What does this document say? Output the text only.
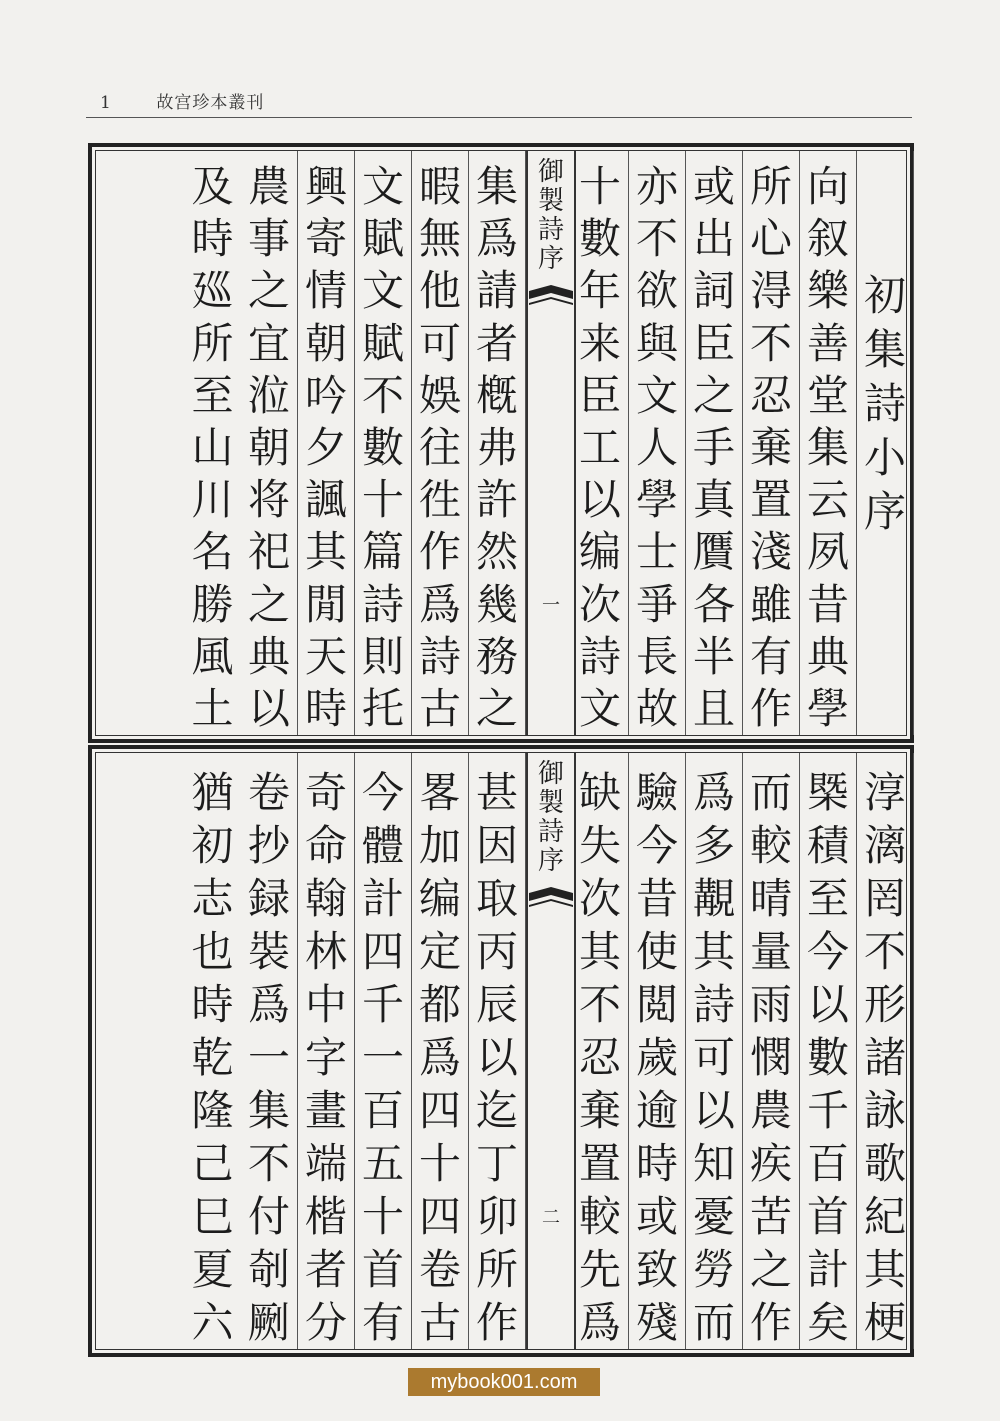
1	故宫珍本叢刊
初
集
詩
小
序
向
叙
樂
善
堂
集
云
夙
昔
典
學
所
心
淂
不
忍
棄
置
淺
雖
有
作
或
出
詞
臣
之
手
真
贋
各
半
且
亦
不
欲
與
文
人
學
士
爭
長
故
十
數
年
来
臣
工
以
编
次
詩
文
御
製
詩
序
一
集
爲
請
者
槪
弗
許
然
幾
務
之
暇
無
他
可
娛
往
徃
作
爲
詩
古
文
賦
文
賦
不
數
十
篇
詩
則
托
興
寄
情
朝
吟
夕
諷
其
閒
天
時
農
事
之
宜
涖
朝
将
祀
之
典
以
及
時
廵
所
至
山
川
名
勝
風
土
淳
漓
罔
不
形
諸
詠
歌
紀
其
梗
槩
積
至
今
以
數
千
百
首
計
矣
而
較
晴
量
雨
憫
農
疾
苦
之
作
爲
多
覯
其
詩
可
以
知
憂
勞
而
驗
今
昔
使
閲
歲
逾
時
或
致
殘
缺
失
次
其
不
忍
棄
置
較
先
爲
御
製
詩
序
二
甚
因
取
丙
辰
以
迄
丁
卯
所
作
畧
加
编
定
都
爲
四
十
四
卷
古
今
體
計
四
千
一
百
五
十
首
有
奇
命
翰
林
中
字
畫
端
楷
者
分
卷
抄
録
裝
爲
一
集
不
付
剞
劂
猶
初
志
也
時
乾
隆
己
巳
夏
六
mybook001.com
